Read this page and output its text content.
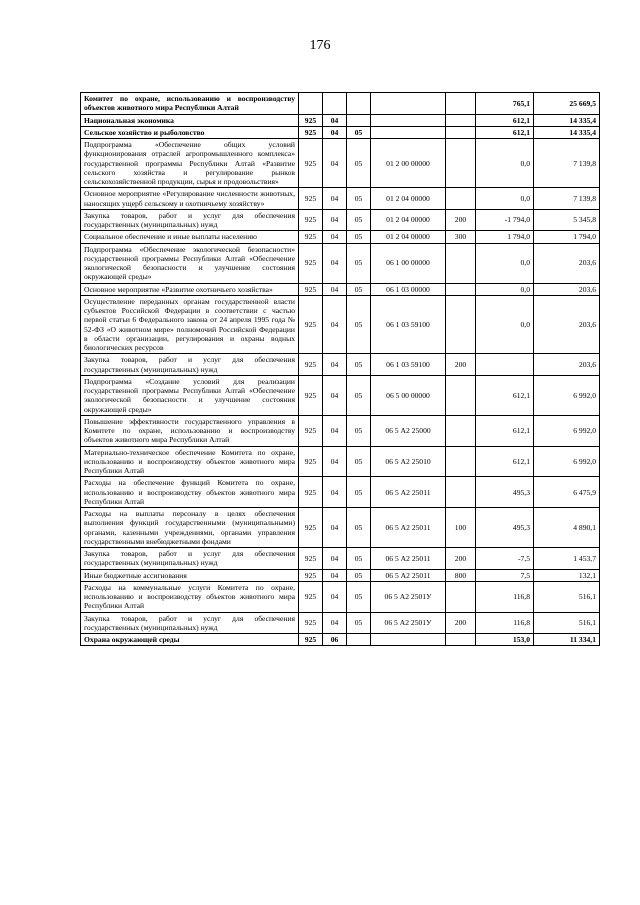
176
Комитет по охране, использованию и воспроизводству объектов животного мира Республики Алтай						765,1	25 669,5
Национальная экономика	925	04				612,1	14 335,4
Сельское хозяйство и рыболовство	925	04	05			612,1	14 335,4
Подпрограмма «Обеспечение общих условий функционирования отраслей агропромышленного комплекса» государственной программы Республики Алтай «Развитие сельского хозяйства и регулирование рынков сельскохозяйственной продукции, сырья и продовольствия»	925	04	05	01 2 00 00000		0,0	7 139,8
Основное мероприятие «Регулирование численности животных, наносящих ущерб сельскому и охотничьему хозяйству»	925	04	05	01 2 04 00000		0,0	7 139,8
Закупка товаров, работ и услуг для обеспечения государственных (муниципальных) нужд	925	04	05	01 2 04 00000	200	-1 794,0	5 345,8
Социальное обеспечение и иные выплаты населению	925	04	05	01 2 04 00000	300	1 794,0	1 794,0
Подпрограмма «Обеспечение экологической безопасности» государственной программы Республики Алтай «Обеспечение экологической безопасности и улучшение состояния окружающей среды»	925	04	05	06 1 00 00000		0,0	203,6
Основное мероприятие «Развитие охотничьего хозяйства»	925	04	05	06 1 03 00000		0,0	203,6
Осуществление переданных органам государственной власти субъектов Российской Федерации в соответствии с частью первой статьи 6 Федерального закона от 24 апреля 1995 года № 52-ФЗ «О животном мире» полномочий Российской Федерации в области организации, регулирования и охраны водных биологических ресурсов	925	04	05	06 1 03 59100		0,0	203,6
Закупка товаров, работ и услуг для обеспечения государственных (муниципальных) нужд	925	04	05	06 1 03 59100	200		203,6
Подпрограмма «Создание условий для реализации государственной программы Республики Алтай «Обеспечение экологической безопасности и улучшение состояния окружающей среды»	925	04	05	06 5 00 00000		612,1	6 992,0
Повышение эффективности государственного управления в Комитете по охране, использованию и воспроизводству объектов животного мира Республики Алтай	925	04	05	06 5 А2 25000		612,1	6 992,0
Материально-техническое обеспечение Комитета по охране, использованию и воспроизводству объектов животного мира Республики Алтай	925	04	05	06 5 А2 25010		612,1	6 992,0
Расходы на обеспечение функций Комитета по охране, использованию и воспроизводству объектов животного мира Республики Алтай	925	04	05	06 5 А2 25011		495,3	6 475,9
Расходы на выплаты персоналу в целях обеспечения выполнения функций государственными (муниципальными) органами, казенными учреждениями, органами управления государственными внебюджетными фондами	925	04	05	06 5 А2 25011	100	495,3	4 890,1
Закупка товаров, работ и услуг для обеспечения государственных (муниципальных) нужд	925	04	05	06 5 А2 25011	200	-7,5	1 453,7
Иные бюджетные ассигнования	925	04	05	06 5 А2 25011	800	7,5	132,1
Расходы на коммунальные услуги Комитета по охране, использованию и воспроизводству объектов животного мира Республики Алтай	925	04	05	06 5 А2 2501У		116,8	516,1
Закупка товаров, работ и услуг для обеспечения государственных (муниципальных) нужд	925	04	05	06 5 А2 2501У	200	116,8	516,1
Охрана окружающей среды	925	06				153,0	11 334,1
